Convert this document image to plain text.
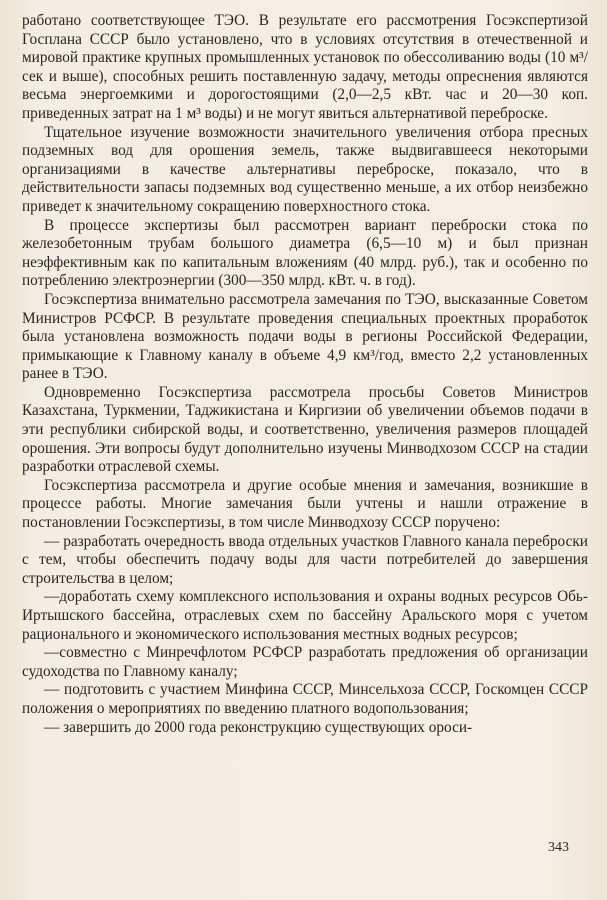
работано соответствующее ТЭО. В результате его рассмотрения Госэкспертизой Госплана СССР было установлено, что в условиях отсутствия в отечественной и мировой практике крупных промышленных установок по обессоливанию воды (10 м³/сек и выше), способных решить поставленную задачу, методы опреснения являются весьма энергоемкими и дорогостоящими (2,0—2,5 кВт. час и 20—30 коп. приведенных затрат на 1 м³ воды) и не могут явиться альтернативой переброске.

Тщательное изучение возможности значительного увеличения отбора пресных подземных вод для орошения земель, также выдвигавшееся некоторыми организациями в качестве альтернативы переброске, показало, что в действительности запасы подземных вод существенно меньше, а их отбор неизбежно приведет к значительному сокращению поверхностного стока.

В процессе экспертизы был рассмотрен вариант переброски стока по железобетонным трубам большого диаметра (6,5—10 м) и был признан неэффективным как по капитальным вложениям (40 млрд. руб.), так и особенно по потреблению электроэнергии (300—350 млрд. кВт. ч. в год).

Госэкспертиза внимательно рассмотрела замечания по ТЭО, высказанные Советом Министров РСФСР. В результате проведения специальных проектных проработок была установлена возможность подачи воды в регионы Российской Федерации, примыкающие к Главному каналу в объеме 4,9 км³/год, вместо 2,2 установленных ранее в ТЭО.

Одновременно Госэкспертиза рассмотрела просьбы Советов Министров Казахстана, Туркмении, Таджикистана и Киргизии об увеличении объемов подачи в эти республики сибирской воды, и соответственно, увеличения размеров площадей орошения. Эти вопросы будут дополнительно изучены Минводхозом СССР на стадии разработки отраслевой схемы.

Госэкспертиза рассмотрела и другие особые мнения и замечания, возникшие в процессе работы. Многие замечания были учтены и нашли отражение в постановлении Госэкспертизы, в том числе Минводхозу СССР поручено:

— разработать очередность ввода отдельных участков Главного канала переброски с тем, чтобы обеспечить подачу воды для части потребителей до завершения строительства в целом;

—доработать схему комплексного использования и охраны водных ресурсов Обь-Иртышского бассейна, отраслевых схем по бассейну Аральского моря с учетом рационального и экономического использования местных водных ресурсов;

—совместно с Минречфлотом РСФСР разработать предложения об организации судоходства по Главному каналу;

— подготовить с участием Минфина СССР, Минсельхоза СССР, Госкомцен СССР положения о мероприятиях по введению платного водопользования;

— завершить до 2000 года реконструкцию существующих ороси-

343
